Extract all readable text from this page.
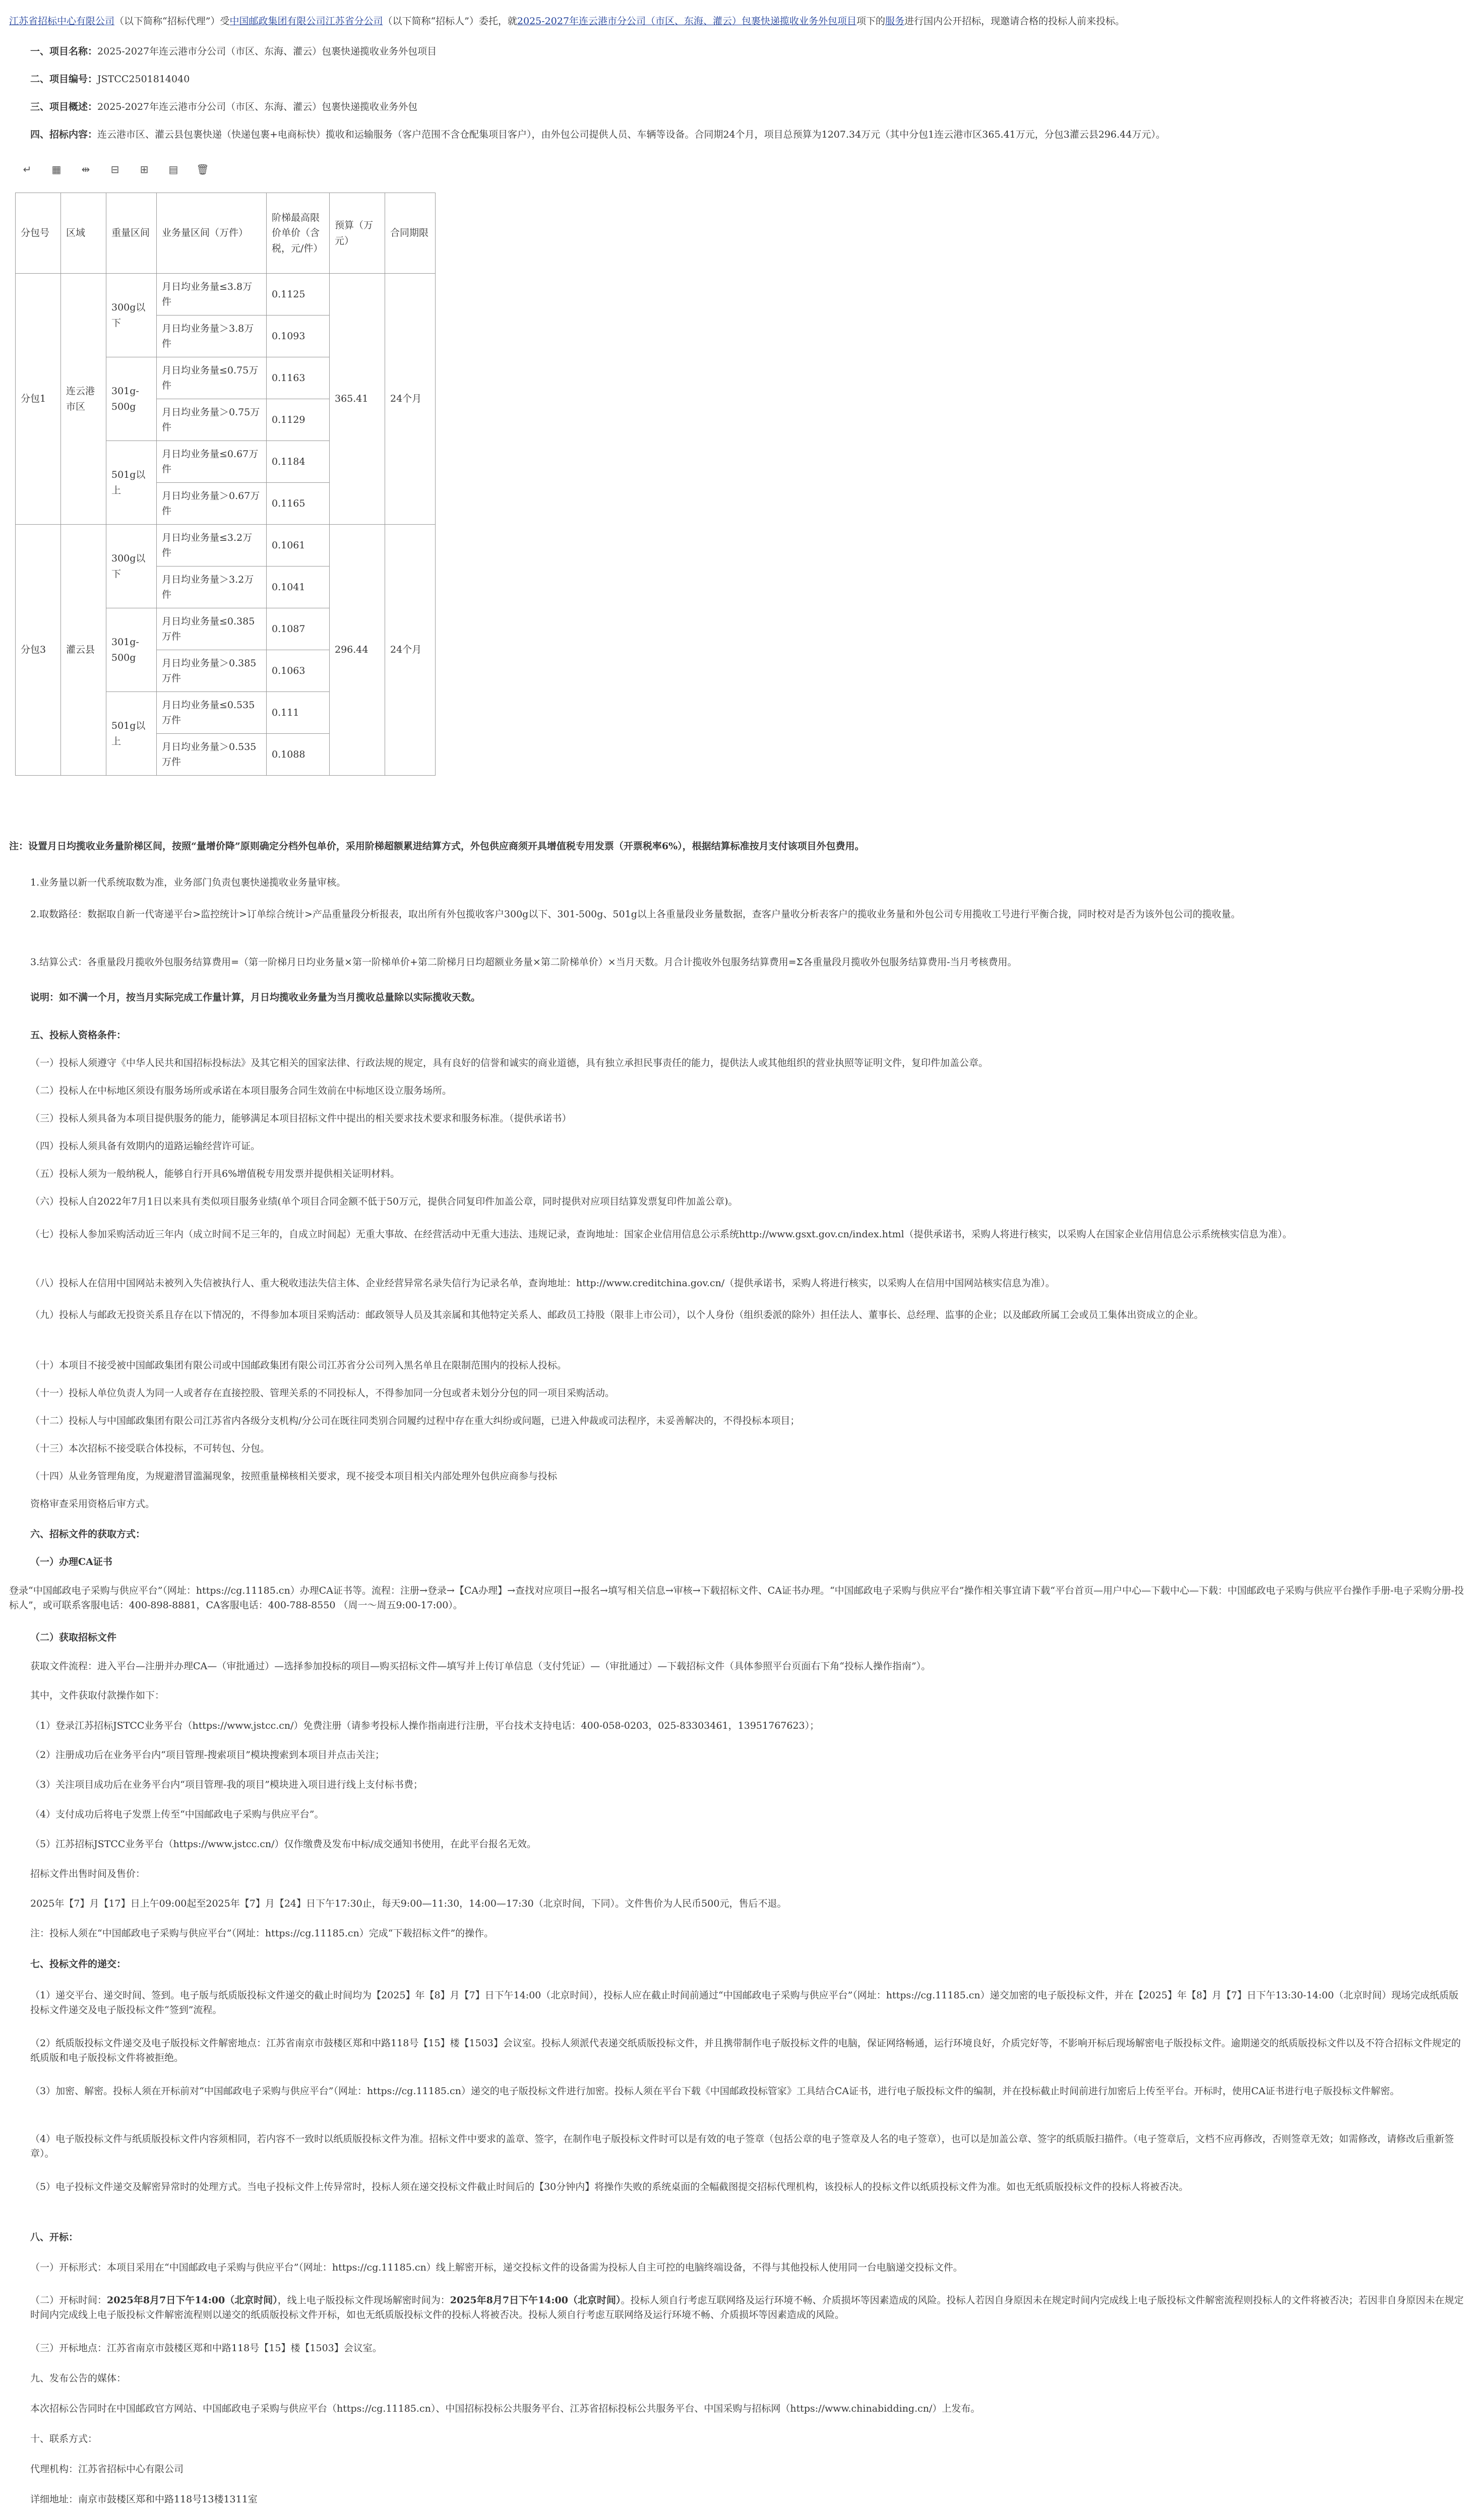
江苏省招标中心有限公司（以下简称“招标代理”）受中国邮政集团有限公司江苏省分公司（以下简称“招标人”）委托，就2025-2027年连云港市分公司（市区、东海、灌云）包裹快递揽收业务外包项目项下的服务进行国内公开招标，现邀请合格的投标人前来投标。

一、项目名称：2025-2027年连云港市分公司（市区、东海、灌云）包裹快递揽收业务外包项目

二、项目编号：JSTCC2501814040

三、项目概述：2025-2027年连云港市分公司（市区、东海、灌云）包裹快递揽收业务外包

四、招标内容：连云港市区、灌云县包裹快递（快递包裹+电商标快）揽收和运输服务（客户范围不含仓配集项目客户），由外包公司提供人员、车辆等设备。合同期24个月，项目总预算为1207.34万元（其中分包1连云港市区365.41万元，分包3灌云县296.44万元）。

↵ ▦ ⇹ ⊟ ⊞ ▤ 🗑
分包号	区域	重量区间	业务量区间（万件）	阶梯最高限价单价（含税，元/件）	预算（万元）	合同期限
分包1	连云港市区	300g以下	月日均业务量≤3.8万件	0.1125	365.41	24个月
			月日均业务量＞3.8万件	0.1093		
		301g-500g	月日均业务量≤0.75万件	0.1163		
			月日均业务量＞0.75万件	0.1129		
		501g以上	月日均业务量≤0.67万件	0.1184		
			月日均业务量＞0.67万件	0.1165		
分包3	灌云县	300g以下	月日均业务量≤3.2万件	0.1061	296.44	24个月
			月日均业务量＞3.2万件	0.1041		
		301g-500g	月日均业务量≤0.385万件	0.1087		
			月日均业务量＞0.385万件	0.1063		
		501g以上	月日均业务量≤0.535万件	0.111		
			月日均业务量＞0.535万件	0.1088		

注：设置月日均揽收业务量阶梯区间，按照“量增价降”原则确定分档外包单价，采用阶梯超额累进结算方式，外包供应商须开具增值税专用发票（开票税率6%），根据结算标准按月支付该项目外包费用。

1.业务量以新一代系统取数为准，业务部门负责包裹快递揽收业务量审核。

2.取数路径：数据取自新一代寄递平台>监控统计>订单综合统计>产品重量段分析报表，取出所有外包揽收客户300g以下、301-500g、501g以上各重量段业务量数据，查客户量收分析表客户的揽收业务量和外包公司专用揽收工号进行平衡合拢，同时校对是否为该外包公司的揽收量。

3.结算公式：各重量段月揽收外包服务结算费用=（第一阶梯月日均业务量×第一阶梯单价+第二阶梯月日均超额业务量×第二阶梯单价）×当月天数。月合计揽收外包服务结算费用=Σ各重量段月揽收外包服务结算费用-当月考核费用。

说明：如不满一个月，按当月实际完成工作量计算，月日均揽收业务量为当月揽收总量除以实际揽收天数。

五、投标人资格条件：

（一）投标人须遵守《中华人民共和国招标投标法》及其它相关的国家法律、行政法规的规定，具有良好的信誉和诚实的商业道德，具有独立承担民事责任的能力，提供法人或其他组织的营业执照等证明文件，复印件加盖公章。

（二）投标人在中标地区须设有服务场所或承诺在本项目服务合同生效前在中标地区设立服务场所。

（三）投标人须具备为本项目提供服务的能力，能够满足本项目招标文件中提出的相关要求技术要求和服务标准。（提供承诺书）

（四）投标人须具备有效期内的道路运输经营许可证。

（五）投标人须为一般纳税人，能够自行开具6%增值税专用发票并提供相关证明材料。

（六）投标人自2022年7月1日以来具有类似项目服务业绩(单个项目合同金额不低于50万元，提供合同复印件加盖公章，同时提供对应项目结算发票复印件加盖公章)。

（七）投标人参加采购活动近三年内（成立时间不足三年的，自成立时间起）无重大事故、在经营活动中无重大违法、违规记录，查询地址：国家企业信用信息公示系统http://www.gsxt.gov.cn/index.html（提供承诺书，采购人将进行核实，以采购人在国家企业信用信息公示系统核实信息为准）。

（八）投标人在信用中国网站未被列入失信被执行人、重大税收违法失信主体、企业经营异常名录失信行为记录名单，查询地址：http://www.creditchina.gov.cn/（提供承诺书，采购人将进行核实，以采购人在信用中国网站核实信息为准）。

（九）投标人与邮政无投资关系且存在以下情况的，不得参加本项目采购活动：邮政领导人员及其亲属和其他特定关系人、邮政员工持股（限非上市公司），以个人身份（组织委派的除外）担任法人、董事长、总经理、监事的企业；以及邮政所属工会或员工集体出资成立的企业。

（十）本项目不接受被中国邮政集团有限公司或中国邮政集团有限公司江苏省分公司列入黑名单且在限制范围内的投标人投标。

（十一）投标人单位负责人为同一人或者存在直接控股、管理关系的不同投标人，不得参加同一分包或者未划分分包的同一项目采购活动。

（十二）投标人与中国邮政集团有限公司江苏省内各级分支机构/分公司在既往同类别合同履约过程中存在重大纠纷或问题，已进入仲裁或司法程序，未妥善解决的，不得投标本项目；

（十三）本次招标不接受联合体投标，不可转包、分包。

（十四）从业务管理角度，为规避潜冒滥漏现象，按照重量梯核相关要求，现不接受本项目相关内部处理外包供应商参与投标

资格审查采用资格后审方式。

六、招标文件的获取方式：

（一）办理CA证书

登录“中国邮政电子采购与供应平台”（网址：https://cg.11185.cn）办理CA证书等。流程：注册→登录→【CA办理】→查找对应项目→报名→填写相关信息→审核→下载招标文件、CA证书办理。“中国邮政电子采购与供应平台”操作相关事宜请下载“平台首页—用户中心—下载中心—下载：中国邮政电子采购与供应平台操作手册-电子采购分册-投标人”，或可联系客服电话：400-898-8881，CA客服电话：400-788-8550 （周一～周五9:00-17:00）。

（二）获取招标文件

获取文件流程：进入平台—注册并办理CA—（审批通过）—选择参加投标的项目—购买招标文件—填写并上传订单信息（支付凭证）—（审批通过）—下载招标文件（具体参照平台页面右下角“投标人操作指南”）。

其中，文件获取付款操作如下：

（1）登录江苏招标JSTCC业务平台（https://www.jstcc.cn/）免费注册（请参考投标人操作指南进行注册，平台技术支持电话：400-058-0203，025-83303461，13951767623）；

（2）注册成功后在业务平台内“项目管理-搜索项目”模块搜索到本项目并点击关注；

（3）关注项目成功后在业务平台内“项目管理-我的项目”模块进入项目进行线上支付标书费；

（4）支付成功后将电子发票上传至“中国邮政电子采购与供应平台”。

（5）江苏招标JSTCC业务平台（https://www.jstcc.cn/）仅作缴费及发布中标/成交通知书使用，在此平台报名无效。

招标文件出售时间及售价：

2025年【7】月【17】日上午09:00起至2025年【7】月【24】日下午17:30止，每天9:00—11:30，14:00—17:30（北京时间，下同）。文件售价为人民币500元，售后不退。

注：投标人须在“中国邮政电子采购与供应平台”（网址：https://cg.11185.cn）完成“下载招标文件”的操作。

七、投标文件的递交：

（1）递交平台、递交时间、签到。电子版与纸质版投标文件递交的截止时间均为【2025】年【8】月【7】日下午14:00（北京时间），投标人应在截止时间前通过“中国邮政电子采购与供应平台”（网址：https://cg.11185.cn）递交加密的电子版投标文件，并在【2025】年【8】月【7】日下午13:30-14:00（北京时间）现场完成纸质版投标文件递交及电子版投标文件“签到”流程。

（2）纸质版投标文件递交及电子版投标文件解密地点：江苏省南京市鼓楼区郑和中路118号【15】楼【1503】会议室。投标人须派代表递交纸质版投标文件，并且携带制作电子版投标文件的电脑，保证网络畅通，运行环境良好，介质完好等，不影响开标后现场解密电子版投标文件。逾期递交的纸质版投标文件以及不符合招标文件规定的纸质版和电子版投标文件将被拒绝。

（3）加密、解密。投标人须在开标前对“中国邮政电子采购与供应平台”（网址：https://cg.11185.cn）递交的电子版投标文件进行加密。投标人须在平台下载《中国邮政投标管家》工具结合CA证书，进行电子版投标文件的编制，并在投标截止时间前进行加密后上传至平台。开标时，使用CA证书进行电子版投标文件解密。

（4）电子版投标文件与纸质版投标文件内容须相同，若内容不一致时以纸质版投标文件为准。招标文件中要求的盖章、签字，在制作电子版投标文件时可以是有效的电子签章（包括公章的电子签章及人名的电子签章），也可以是加盖公章、签字的纸质版扫描件。（电子签章后，文档不应再修改，否则签章无效；如需修改，请修改后重新签章）。

（5）电子投标文件递交及解密异常时的处理方式。当电子投标文件上传异常时，投标人须在递交投标文件截止时间后的【30分钟内】将操作失败的系统桌面的全幅截图提交招标代理机构，该投标人的投标文件以纸质投标文件为准。如也无纸质版投标文件的投标人将被否决。

八、开标：

（一）开标形式：本项目采用在“中国邮政电子采购与供应平台”（网址：https://cg.11185.cn）线上解密开标，递交投标文件的设备需为投标人自主可控的电脑终端设备，不得与其他投标人使用同一台电脑递交投标文件。

（二）开标时间：2025年8月7日下午14:00（北京时间），线上电子版投标文件现场解密时间为：2025年8月7日下午14:00（北京时间）。投标人须自行考虑互联网络及运行环境不畅、介质损坏等因素造成的风险。投标人若因自身原因未在规定时间内完成线上电子版投标文件解密流程则投标人的文件将被否决；若因非自身原因未在规定时间内完成线上电子版投标文件解密流程则以递交的纸质版投标文件开标，如也无纸质版投标文件的投标人将被否决。投标人须自行考虑互联网络及运行环境不畅、介质损坏等因素造成的风险。

（三）开标地点：江苏省南京市鼓楼区郑和中路118号【15】楼【1503】会议室。

九、发布公告的媒体：

本次招标公告同时在中国邮政官方网站、中国邮政电子采购与供应平台（https://cg.11185.cn）、中国招标投标公共服务平台、江苏省招标投标公共服务平台、中国采购与招标网（https://www.chinabidding.cn/）上发布。

十、联系方式：

代理机构：江苏省招标中心有限公司

详细地址：南京市鼓楼区郑和中路118号13楼1311室
